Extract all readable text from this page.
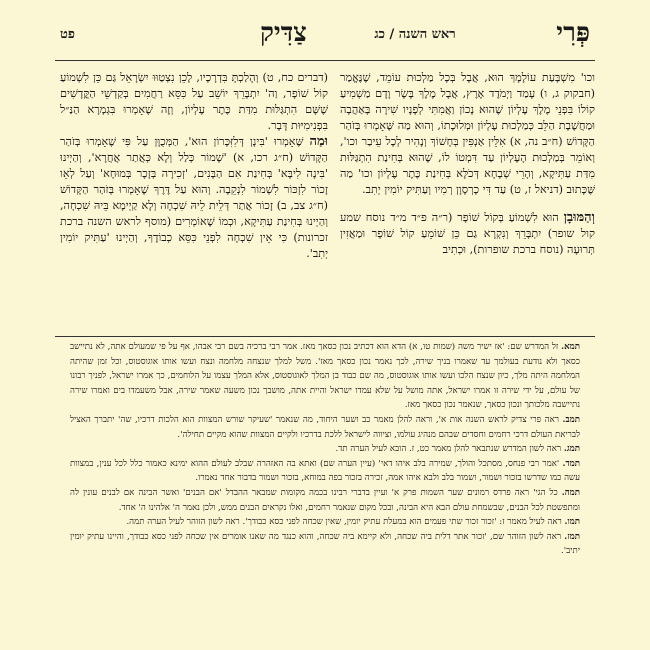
פט	צַדִּיק	ראש השנה / כג	פְּרִי

וכו' מִשְׁבָּעַת עוֹלָמָךְ הוּא, אֲבָל בְּכָל מַלְכוּת עוֹמֵד, שֶׁנֶּאֱמַר (חבקוק ג, ו) עָמַד וַיְמֹדֶד אֶרֶץ, אֲבָל מֶלֶךְ בָּשָׂר וָדָם מַשְׁמִיעַ קוֹלוֹ בִּפְנֵי מֶלֶךְ עֶלְיוֹן שֶׁהוּא נָכוֹן וַאֲמִתִּי לְפָנָיו שִׁירָה בָּאַהֲבָה וּמַחֲשֶׁבֶת הַלֵּב כְּמַלְכוּת עֶלְיוֹן וּמְלוּכָתוֹ, וְהוּא מַה שֶּׁאָמְרוּ בְּזֹהַר הַקָּדוֹשׁ (ח״ב נה, א) אִלֵּין אַנְפִּין בְּחָשׁוֹךְ וְנָהִיר לְכָל עֵיבַר וכו', וְאוֹמֵר בְּמַלְכוּת הָעֶלְיוֹן עַד דִּמְטוֹ לוֹ, שֶׁהוּא בְּחִינַת הִתְגַּלּוּת מִדַּת עַתִּיקָא, וְהָרֵי שְׁבָחָא דְּכֹלָּא בְּחִינַת כֶּתֶר עֶלְיוֹן וכו' מַה שֶּׁכָּתוּב (דניאל ז, ט) עַד דִּי כָרְסָוָן רְמִיו וְעַתִּיק יוֹמִין יְתִב.

וְהַמּוּבָן הוּא לִשְׁמוֹעַ בְּקוֹל שׁוֹפָר (ר״ה פ״ד מ״ד נוסח שמע קול שופר) יִתְבָּרֵךְ וְנִקְרָא גַם כֵּן שׁוֹמֵעַ קוֹל שׁוֹפָר וּמַאֲזִין תְּרוּעָה (נוסח ברכת שופרות), וּכְתִיב

(דברים כח, ט) וְהָלַכְתָּ בִּדְרָכָיו, לָכֵן נִצְטַוּוּ יִשְׂרָאֵל גַּם כֵּן לִשְׁמוֹעַ קוֹל שׁוֹפָר, וַה' יִתְבָּרֵךְ יוֹשֵׁב עַל כִּסֵּא רַחֲמִים בְּקַדְשֵׁי הַקֳּדָשִׁים שֶׁשָּׁם הִתְגַּלּוּת מִדַּת כֶּתֶר עֶלְיוֹן, וְזֶה שֶׁאָמְרוּ בִּגְמָרָא הַנַּ״ל בִּפְנִימִיּוּת דָּבָר.

וּמַה שֶּׁאָמְרוּ 'בִּינָן דְּלִזִּכָּרוֹן הוּא', הַמְּכֻוָּן עַל פִּי שֶׁאָמְרוּ בְּזֹהַר הַקָּדוֹשׁ (ח״ג רכו, א) 'שָׁמוֹר כְּלַל וְלָא כְּאֲתַר אֲחֲרָא', וְהַיְינוּ 'בִּינָה לִיבָּא' בְּחִינַת אִם הַבָּנִים, 'זְכִירָה בְּזָכָר בְּמוּחָא' וְעַל לְאֵו זָכוֹר לִזְכּוֹר לִשְׁמוֹר לִנְקֵבָה. וְהוּא עַל דֶּרֶךְ שֶׁאָמְרוּ בְּזֹהַר הַקָּדוֹשׁ (ח״ג צב, ב) זָכוֹר אֲתַר דְּלֵית לֵיהּ שִׁכְחָה וְלָא קַיְימָא בֵּיהּ שִׁכְחָה, וְהַיְינוּ בְּחִינַת עַתִּיקָא, וּכְמוֹ שֶׁאוֹמְרִים (מוסף לראש השנה ברכת זכרונות) כִּי אֵין שִׁכְחָה לִפְנֵי כִּסֵּא כְבוֹדֶךָ, וְהַיְינוּ 'עַתִּיק יוֹמִין יְתִב'.

תמא. זל המדרש שם: 'אז ישיר משה (שמות טו, א) הדא הוא דכתיב נכון כסאך מאז. אמר רבי ברכיה בשם רבי אבהו, אף על פי שמעולם אתה, לא נתיישב כסאך ולא נודעת בעולמך עד שאמרו בניך שירה, לכך נאמר נכון כסאך מאז'. משל למלך שנצחה מלחמה ונצח ועשו אותו אוגוסטוס, וכל זמן שהיתה המלחמה היתה מלך, כיון שנצח הלכו ועשו אותו אוגוסטוס, מה שם כבוד בן המלך לאוגוסטוס, אלא המלך עצמו על הלוחמים, כך אמרו ישראל, לפניך רבונו של עולם, על ידי שירה זו אמרו ישראל, אתה מושל על שלא עמדו ישראל והיית אתה, מושבך נכון משעה שאמר שירה, אבל משעמדו בים ואמרו שירה נתיישבה מלכותך ונכון כסאך, שנאמר נכון כסאך מאז.

תמב. ראה פרי צדיק לראש השנה אות א', וראה להלן מאמר כב ושער היחוד, מה שנאמר 'שעיקר שורש המצוות הוא הלכות דרכיו, שה' יתברך האציל לבריאת העולם דרכי רחמים וחסדים שבהם מנהיג עולמו, וציווה לישראל ללכת בדרכיו ולקיים המצוות שהוא מקיים תחילה'.

תמג. ראה לשון המדרש שנתבאר להלן מאמר כט, ז. הובא לעיל הערה תד.

תמד. 'אמר רבי פנחס, מסתכל והולך, שמירה בלב איהו דאי' (עיין הערה שם) ואתא בה האזהרה שבלב לעולם ההוא ימינא כאמור כלל לכל ענין, במצוות עשה כמו שדרשו בזכור ושמור, ושמור בלב ולבא איהו אמה, זכירה בזכור בפה במוחא, בזכור ושמור בדבור אחד נאמרו.

תמה. כל הגי' ראה פרדס רמונים שער השמות פרק א' ועיין בדברי רבינו בכמה מקומות שמבאר ההבדל 'אם הבנים' ואשר הבינה אם לבנים עונין לה ומתפשטת לכל הבנים, שבשמחת עולם הבא היא הבינה, ובכל מקום שנאמר רחמים, ואלו נקראים הבנים ממש, ולכן נאמר ה' אלהינו ה' אחד.

תמו. ראה לעיל מאמר ז: 'זכור זכור שתי פעמים הוא במעלת עתיק יומין, שאין שכחה לפני כסא כבודך'. ראה לשון הזוהר לעיל הערה תמה.

תמז. ראה לשון הזוהר שם, 'זכור אתר דלית ביה שכחה, ולא קיימא ביה שכחה, והוא כנגד מה שאנו אומרים אין שכחה לפני כסא כבודך, והיינו עתיק יומין יתיב'.
